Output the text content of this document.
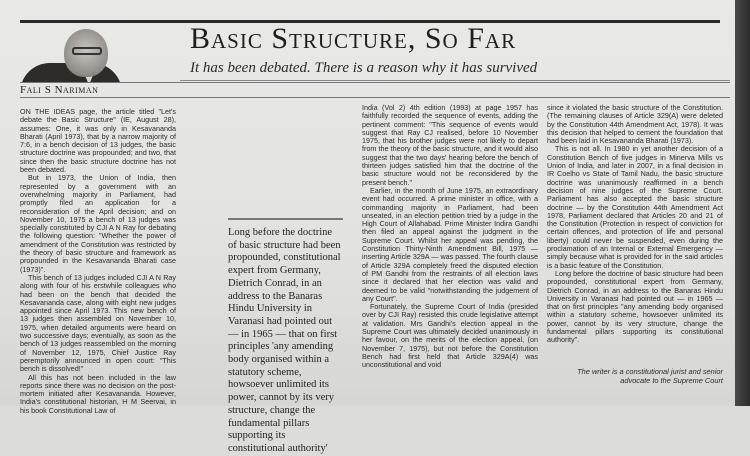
Basic Structure, So Far
It has been debated. There is a reason why it has survived
Fali S Nariman

ON THE IDEAS page, the article titled "Let's debate the Basic Structure" (IE, August 28), assumes: One, it was only in Kesavananda Bharati (April 1973), that by a narrow majority of 7:6, in a bench decision of 13 judges, the basic structure doctrine was propounded; and two, that since then the basic structure doctrine has not been debated.

But in 1973, the Union of India, then represented by a government with an overwhelming majority in Parliament, had promptly filed an application for a reconsideration of the April decision; and on November 10, 1975 a bench of 13 judges was specially constituted by CJI A N Ray for debating the following question: "Whether the power of amendment of the Constitution was restricted by the theory of basic structure and framework as propounded in the Kesavananda Bharati case (1973)".

This bench of 13 judges included CJI A N Ray along with four of his erstwhile colleagues who had been on the bench that decided the Kesavananda case, along with eight new judges appointed since April 1973. This new bench of 13 judges then assembled on November 10, 1975, when detailed arguments were heard on two successive days; eventually, as soon as the bench of 13 judges reassembled on the morning of November 12, 1975, Chief Justice Ray peremptorily announced in open court: "This bench is dissolved!"

All this has not been included in the law reports since there was no decision on the post-mortem initiated after Kesavananda. However, India's constitutional historian, H M Seervai, in his book Constitutional Law of

Long before the doctrine of basic structure had been propounded, constitutional expert from Germany, Dietrich Conrad, in an address to the Banaras Hindu University in Varanasi had pointed out — in 1965 — that on first principles 'any amending body organised within a statutory scheme, howsoever unlimited its power, cannot by its very structure, change the fundamental pillars supporting its constitutional authority'

India (Vol 2) 4th edition (1993) at page 1957 has faithfully recorded the sequence of events, adding the pertinent comment: "This sequence of events would suggest that Ray CJ realised, before 10 November 1975, that his brother judges were not likely to depart from the theory of the basic structure, and it would also suggest that the two days' hearing before the bench of thirteen judges satisfied him that the doctrine of the basic structure would not be reconsidered by the present bench."

Earlier, in the month of June 1975, an extraordinary event had occurred. A prime minister in office, with a commanding majority in Parliament, had been unseated, in an election petition tried by a judge in the High Court of Allahabad. Prime Minister Indira Gandhi then filed an appeal against the judgment in the Supreme Court. Whilst her appeal was pending, the Constitution Thirty-Ninth Amendment Bill, 1975 — inserting Article 329A — was passed. The fourth clause of Article 329A completely freed the disputed election of PM Gandhi from the restraints of all election laws since it declared that her election was valid and deemed to be valid "notwithstanding the judgement of any Court".

Fortunately, the Supreme Court of India (presided over by CJI Ray) resisted this crude legislative attempt at validation. Mrs Gandhi's election appeal in the Supreme Court was ultimately decided unanimously in her favour, on the merits of the election appeal, (on November 7, 1975), but not before the Constitution Bench had first held that Article 329A(4) was unconstitutional and void

since it violated the basic structure of the Constitution. (The remaining clauses of Article 329(A) were deleted by the Constitution 44th Amendment Act, 1978). It was this decision that helped to cement the foundation that had been laid in Kesavananda Bharati (1973).

This is not all. In 1980 in yet another decision of a Constitution Bench of five judges in Minerva Mills vs Union of India, and later in 2007, in a final decision in IR Coelho vs State of Tamil Nadu, the basic structure doctrine was unanimously reaffirmed in a bench decision of nine judges of the Supreme Court. Parliament has also accepted the basic structure doctrine — by the Constitution 44th Amendment Act 1978, Parliament declared that Articles 20 and 21 of the Constitution (Protection in respect of conviction for certain offences, and protection of life and personal liberty) could never be suspended, even during the proclamation of an Internal or External Emergency — simply because what is provided for in the said articles is a basic feature of the Constitution.

Long before the doctrine of basic structure had been propounded, constitutional expert from Germany, Dietrich Conrad, in an address to the Banaras Hindu University in Varanasi had pointed out — in 1965 — that on first principles "any amending body organised within a statutory scheme, howsoever unlimited its power, cannot by its very structure, change the fundamental pillars supporting its constitutional authority".

The writer is a constitutional jurist and senior advocate to the Supreme Court
